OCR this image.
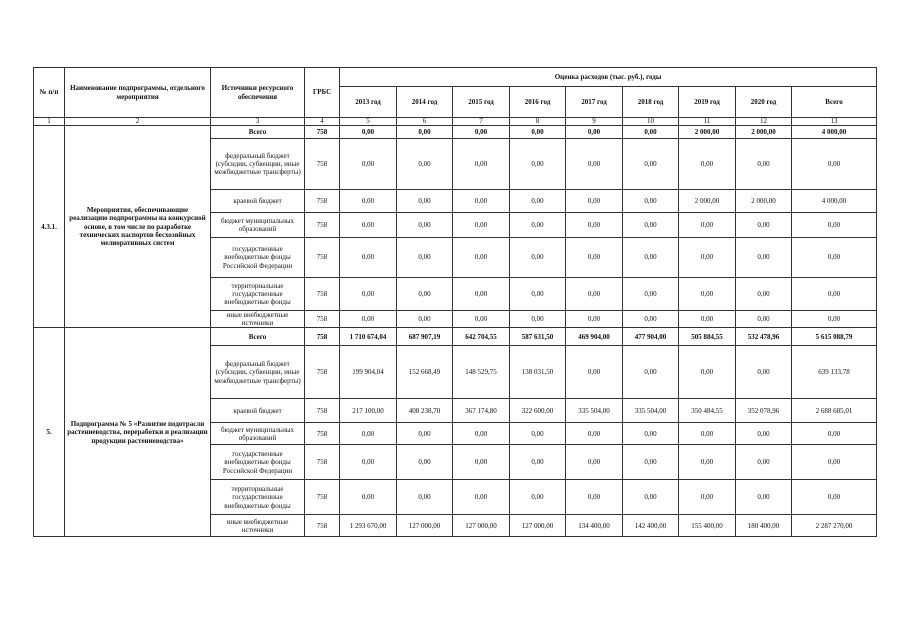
№ п/п	Наименование подпрограммы, отдельного мероприятия	Источники ресурсного обеспечения	ГРБС	Оценка расходов (тыс. руб.), годы								
				2013 год	2014 год	2015 год	2016 год	2017 год	2018 год	2019 год	2020 год	Всего
1	2	3	4	5	6	7	8	9	10	11	12	13
4.3.1.	Мероприятия, обеспечивающие реализацию подпрограммы на конкурсной основе, в том числе по разработке технических паспортов бесхозяйных мелиоративных систем	Всего	758	0,00	0,00	0,00	0,00	0,00	0,00	2 000,00	2 000,00	4 000,00
		федеральный бюджет (субсидии, субвенции, иные межбюджетные трансферты)	758	0,00	0,00	0,00	0,00	0,00	0,00	0,00	0,00	0,00
		краевой бюджет	758	0,00	0,00	0,00	0,00	0,00	0,00	2 000,00	2 000,00	4 000,00
		бюджет муниципальных образований	758	0,00	0,00	0,00	0,00	0,00	0,00	0,00	0,00	0,00
		государственные внебюджетные фонды Российской Федерации	758	0,00	0,00	0,00	0,00	0,00	0,00	0,00	0,00	0,00
		территориальные государственные внебюджетные фонды	758	0,00	0,00	0,00	0,00	0,00	0,00	0,00	0,00	0,00
		иные внебюджетные источники	758	0,00	0,00	0,00	0,00	0,00	0,00	0,00	0,00	0,00
5.	Подпрограмма № 5 «Развитие подотрасли растениеводства, переработки и реализации продукции растениеводства»	Всего	758	1 710 674,04	687 907,19	642 704,55	587 631,50	469 904,00	477 904,00	505 884,55	532 478,96	5 615 088,79
		федеральный бюджет (субсидии, субвенции, иные межбюджетные трансферты)	758	199 904,04	152 668,49	148 529,75	138 031,50	0,00	0,00	0,00	0,00	639 133,78
		краевой бюджет	758	217 100,00	408 238,70	367 174,80	322 600,00	335 504,00	335 504,00	350 484,55	352 078,96	2 688 685,01
		бюджет муниципальных образований	758	0,00	0,00	0,00	0,00	0,00	0,00	0,00	0,00	0,00
		государственные внебюджетные фонды Российской Федерации	758	0,00	0,00	0,00	0,00	0,00	0,00	0,00	0,00	0,00
		территориальные государственные внебюджетные фонды	758	0,00	0,00	0,00	0,00	0,00	0,00	0,00	0,00	0,00
		иные внебюджетные источники	758	1 293 670,00	127 000,00	127 000,00	127 000,00	134 400,00	142 400,00	155 400,00	180 400,00	2 287 270,00
